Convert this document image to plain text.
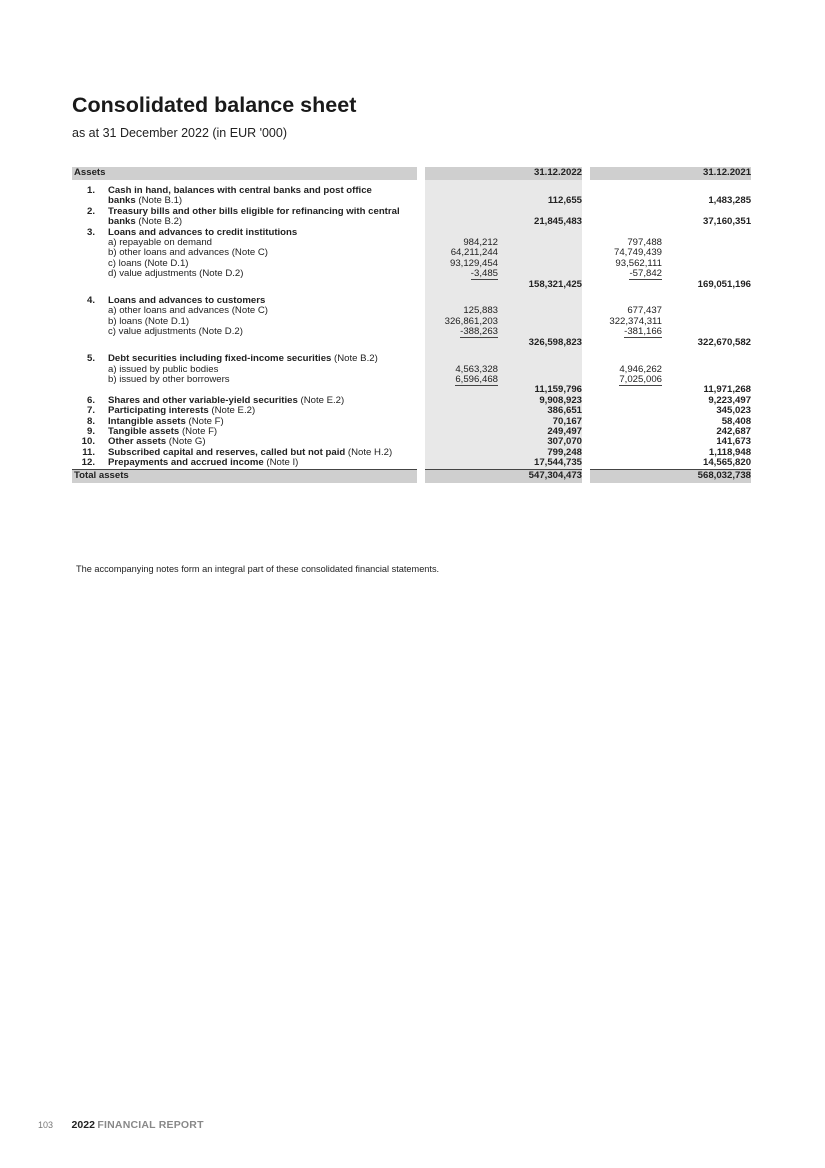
Consolidated balance sheet

as at 31 December 2022 (in EUR '000)

Assets			31.12.2022			31.12.2021	

1.	Cash in hand, balances with central banks and post office						
	banks (Note B.1)			112,655			1,483,285
2.	Treasury bills and other bills eligible for refinancing with central						
	banks (Note B.2)			21,845,483			37,160,351
3.	Loans and advances to credit institutions						
	a) repayable on demand		984,212			797,488	
	b) other loans and advances (Note C)		64,211,244			74,749,439	
	c) loans (Note D.1)		93,129,454			93,562,111	
	d) value adjustments (Note D.2)		-3,485			-57,842	
				158,321,425			169,051,196

4.	Loans and advances to customers						
	a) other loans and advances (Note C)		125,883			677,437	
	b) loans (Note D.1)		326,861,203			322,374,311	
	c) value adjustments (Note D.2)		-388,263			-381,166	
				326,598,823			322,670,582

5.	Debt securities including fixed-income securities (Note B.2)						
	a) issued by public bodies		4,563,328			4,946,262	
	b) issued by other borrowers		6,596,468			7,025,006	
				11,159,796			11,971,268
6.	Shares and other variable-yield securities (Note E.2)			9,908,923			9,223,497
7.	Participating interests (Note E.2)			386,651			345,023
8.	Intangible assets (Note F)			70,167			58,408
9.	Tangible assets (Note F)			249,497			242,687
10.	Other assets (Note G)			307,070			141,673
11.	Subscribed capital and reserves, called but not paid (Note H.2)			799,248			1,118,948
12.	Prepayments and accrued income (Note I)			17,544,735			14,565,820
Total assets			547,304,473			568,032,738	

The accompanying notes form an integral part of these consolidated financial statements.

103 2022 FINANCIAL REPORT
